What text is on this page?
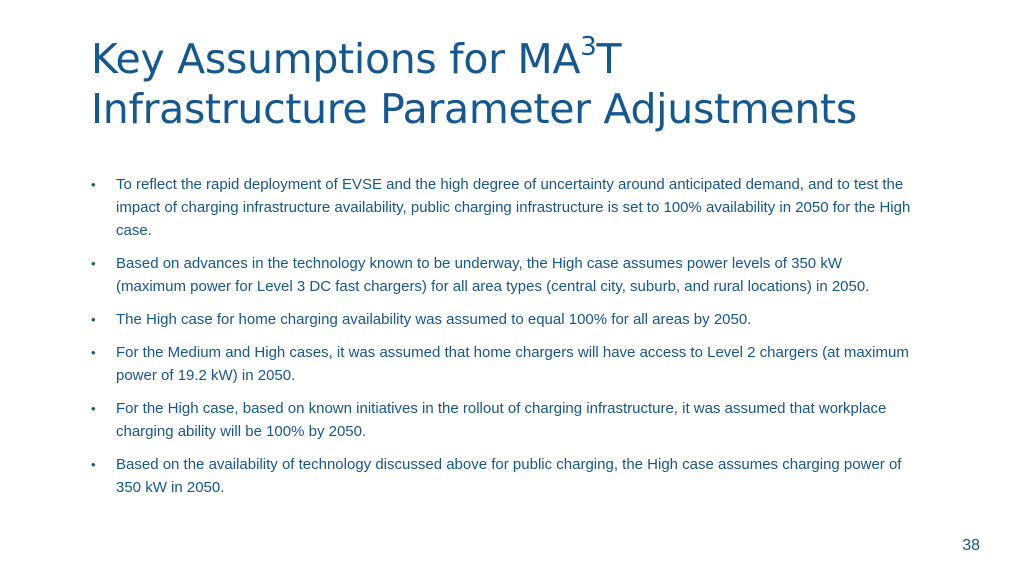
Key Assumptions for $MA^3T$
Infrastructure Parameter Adjustments
•	To reflect the rapid deployment of EVSE and the high degree of uncertainty around anticipated demand, and to test the impact of charging infrastructure availability, public charging infrastructure is set to 100% availability in 2050 for the High case.
•	Based on advances in the technology known to be underway, the High case assumes power levels of 350 kW (maximum power for Level 3 DC fast chargers) for all area types (central city, suburb, and rural locations) in 2050.
•	The High case for home charging availability was assumed to equal 100% for all areas by 2050.
•	For the Medium and High cases, it was assumed that home chargers will have access to Level 2 chargers (at maximum power of 19.2 kW) in 2050.
•	For the High case, based on known initiatives in the rollout of charging infrastructure, it was assumed that workplace charging ability will be 100% by 2050.
•	Based on the availability of technology discussed above for public charging, the High case assumes charging power of 350 kW in 2050.
38
